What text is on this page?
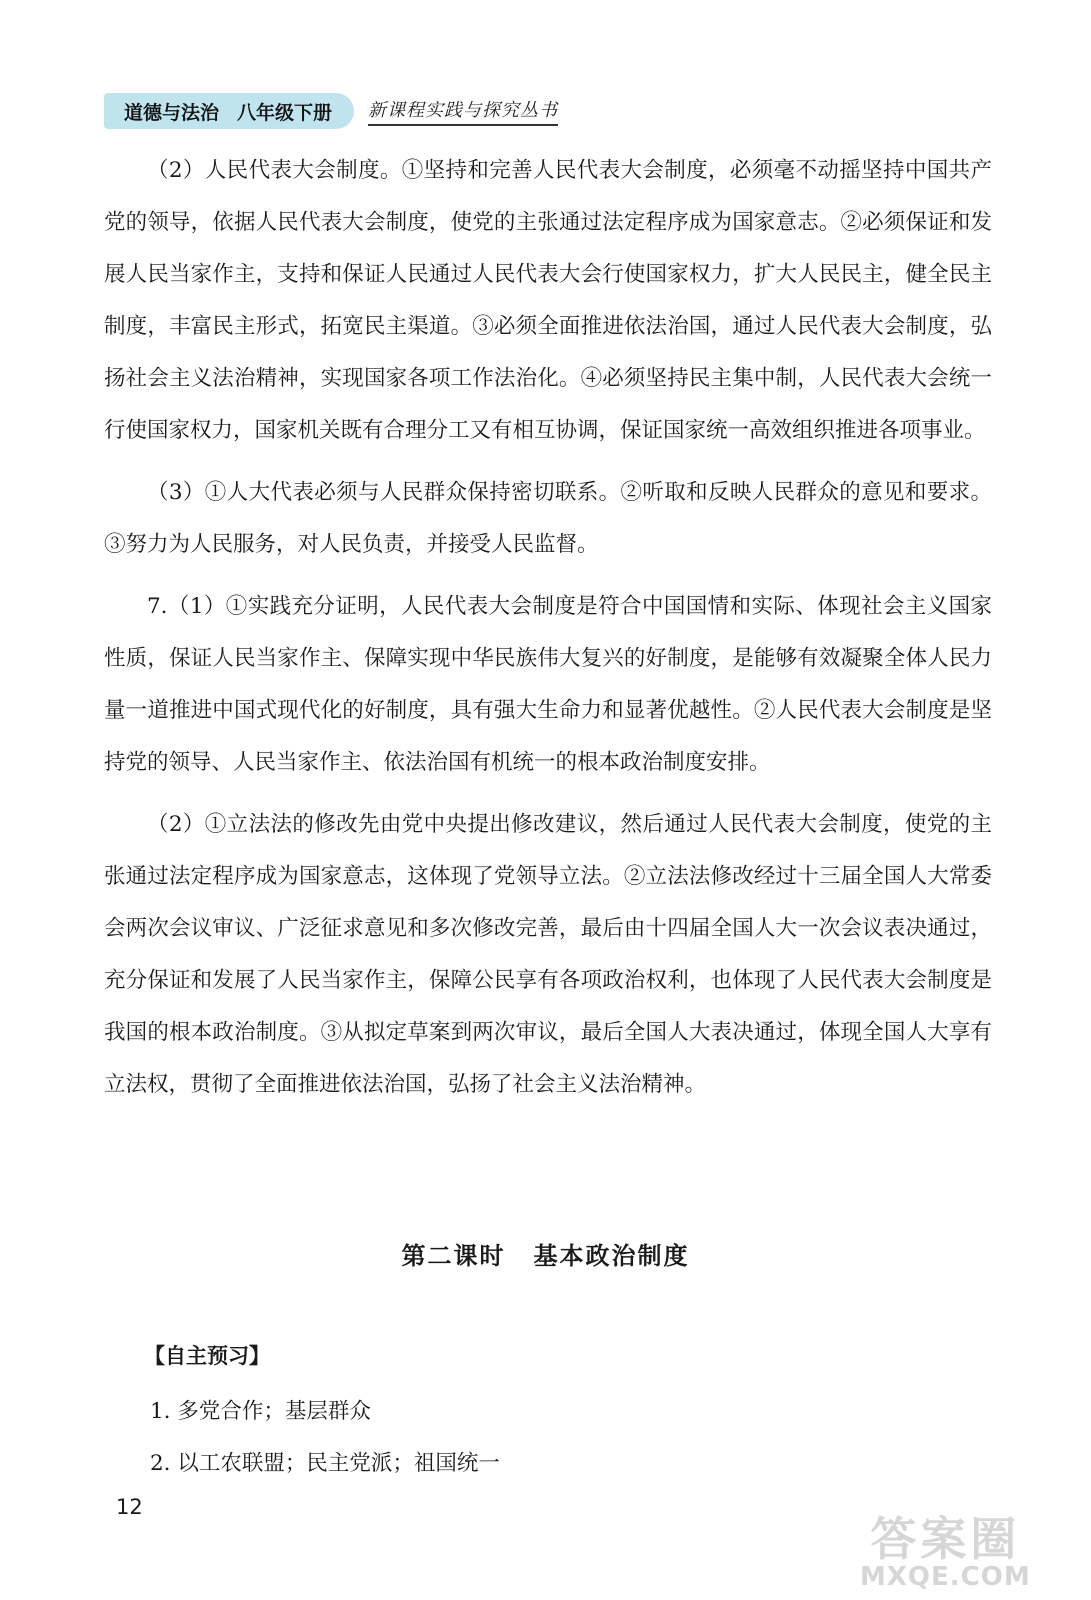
道德与法治 八年级下册 新课程实践与探究丛书

（2）人民代表大会制度。①坚持和完善人民代表大会制度，必须毫不动摇坚持中国共产党的领导，依据人民代表大会制度，使党的主张通过法定程序成为国家意志。②必须保证和发展人民当家作主，支持和保证人民通过人民代表大会行使国家权力，扩大人民民主，健全民主制度，丰富民主形式，拓宽民主渠道。③必须全面推进依法治国，通过人民代表大会制度，弘扬社会主义法治精神，实现国家各项工作法治化。④必须坚持民主集中制，人民代表大会统一行使国家权力，国家机关既有合理分工又有相互协调，保证国家统一高效组织推进各项事业。

（3）①人大代表必须与人民群众保持密切联系。②听取和反映人民群众的意见和要求。③努力为人民服务，对人民负责，并接受人民监督。

7.（1）①实践充分证明，人民代表大会制度是符合中国国情和实际、体现社会主义国家性质，保证人民当家作主、保障实现中华民族伟大复兴的好制度，是能够有效凝聚全体人民力量一道推进中国式现代化的好制度，具有强大生命力和显著优越性。②人民代表大会制度是坚持党的领导、人民当家作主、依法治国有机统一的根本政治制度安排。

（2）①立法法的修改先由党中央提出修改建议，然后通过人民代表大会制度，使党的主张通过法定程序成为国家意志，这体现了党领导立法。②立法法修改经过十三届全国人大常委会两次会议审议、广泛征求意见和多次修改完善，最后由十四届全国人大一次会议表决通过，充分保证和发展了人民当家作主，保障公民享有各项政治权利，也体现了人民代表大会制度是我国的根本政治制度。③从拟定草案到两次审议，最后全国人大表决通过，体现全国人大享有立法权，贯彻了全面推进依法治国，弘扬了社会主义法治精神。

第二课时 基本政治制度
【自主预习】
1. 多党合作；基层群众
2. 以工农联盟；民主党派；祖国统一
12
答案圈
MXQE.COM
